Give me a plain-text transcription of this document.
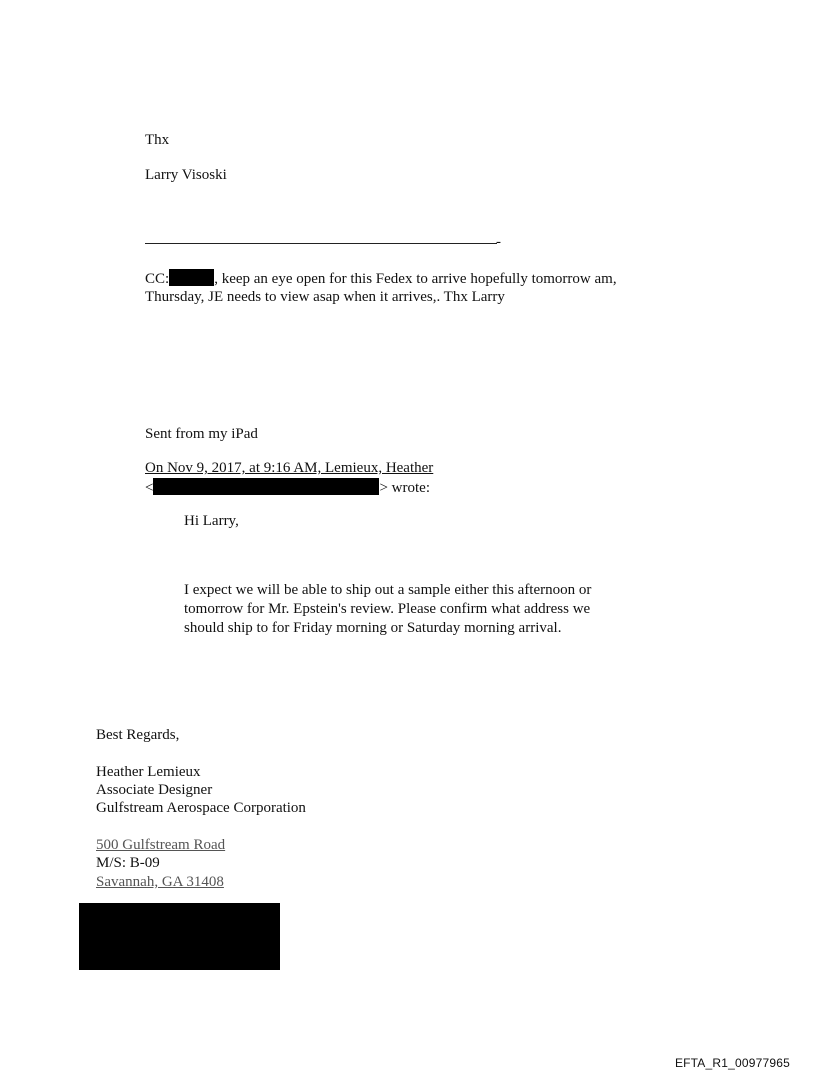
Thx
Larry Visoski
-
CC:	, keep an eye open for this Fedex to arrive hopefully tomorrow am,
Thursday, JE needs to view asap when it arrives,. Thx Larry
Sent from my iPad
On Nov 9, 2017, at 9:16 AM, Lemieux, Heather
<	> wrote:
Hi Larry,
I expect we will be able to ship out a sample either this afternoon or
tomorrow for Mr. Epstein's review. Please confirm what address we
should ship to for Friday morning or Saturday morning arrival.
Best Regards,
Heather Lemieux
Associate Designer
Gulfstream Aerospace Corporation
500 Gulfstream Road
M/S: B-09
Savannah, GA 31408
EFTA_R1_00977965
